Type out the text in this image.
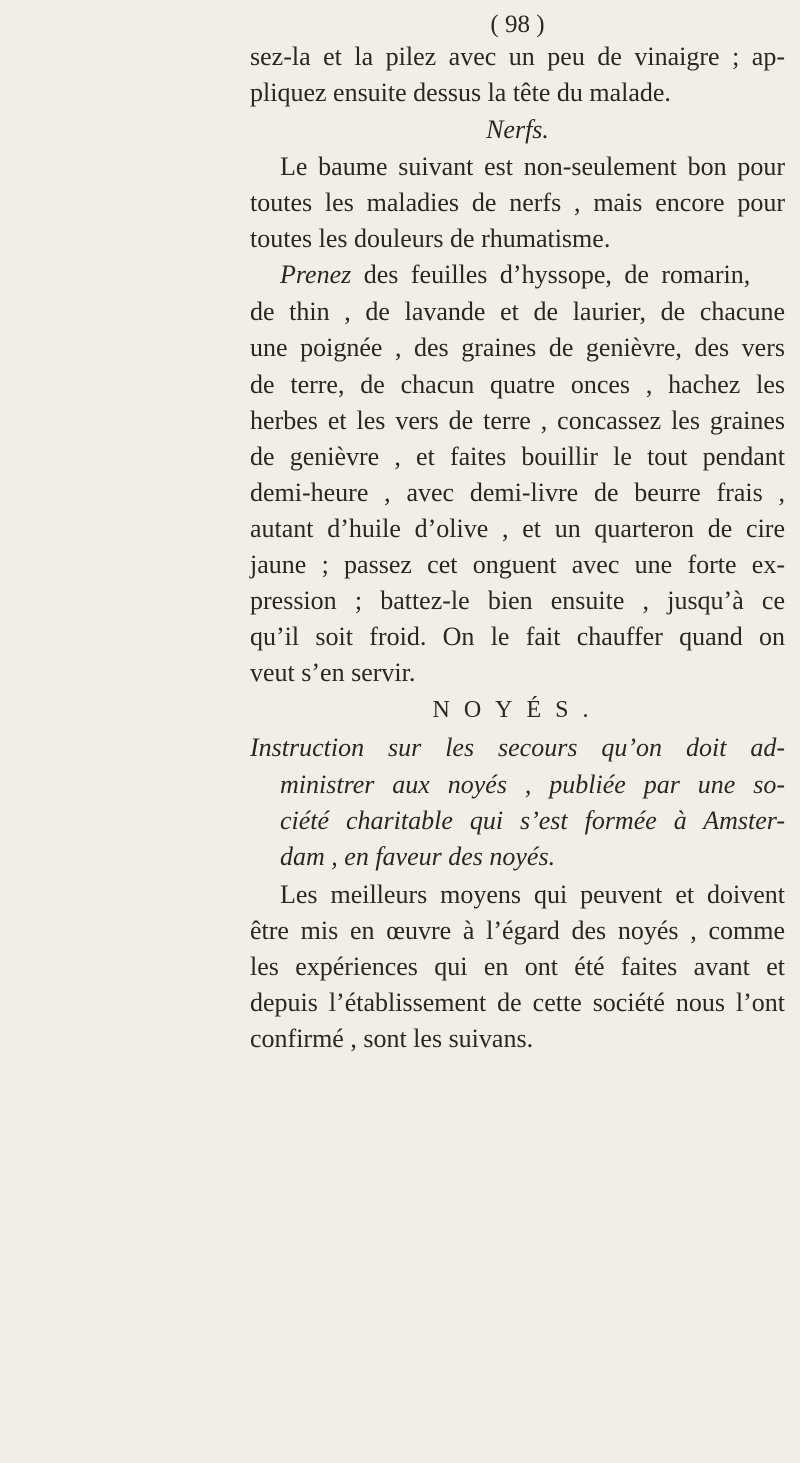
( 98 )
sez-la et la pilez avec un peu de vinaigre ; ap-
pliquez ensuite dessus la tête du malade.
Nerfs.
Le baume suivant est non-seulement bon pour
toutes les maladies de nerfs , mais encore pour
toutes les douleurs de rhumatisme.
Prenez des feuilles d’hyssope, de romarin,
de thin , de lavande et de laurier, de chacune
une poignée , des graines de genièvre, des vers
de terre, de chacun quatre onces , hachez les
herbes et les vers de terre , concassez les graines
de genièvre , et faites bouillir le tout pendant
demi-heure , avec demi-livre de beurre frais ,
autant d’huile d’olive , et un quarteron de cire
jaune ; passez cet onguent avec une forte ex-
pression ; battez-le bien ensuite , jusqu’à ce
qu’il soit froid. On le fait chauffer quand on
veut s’en servir.
NOYÉS.
Instruction sur les secours qu’on doit ad-
ministrer aux noyés , publiée par une so-
ciété charitable qui s’est formée à Amster-
dam , en faveur des noyés.
Les meilleurs moyens qui peuvent et doivent
être mis en œuvre à l’égard des noyés , comme
les expériences qui en ont été faites avant et
depuis l’établissement de cette société nous l’ont
confirmé , sont les suivans.
